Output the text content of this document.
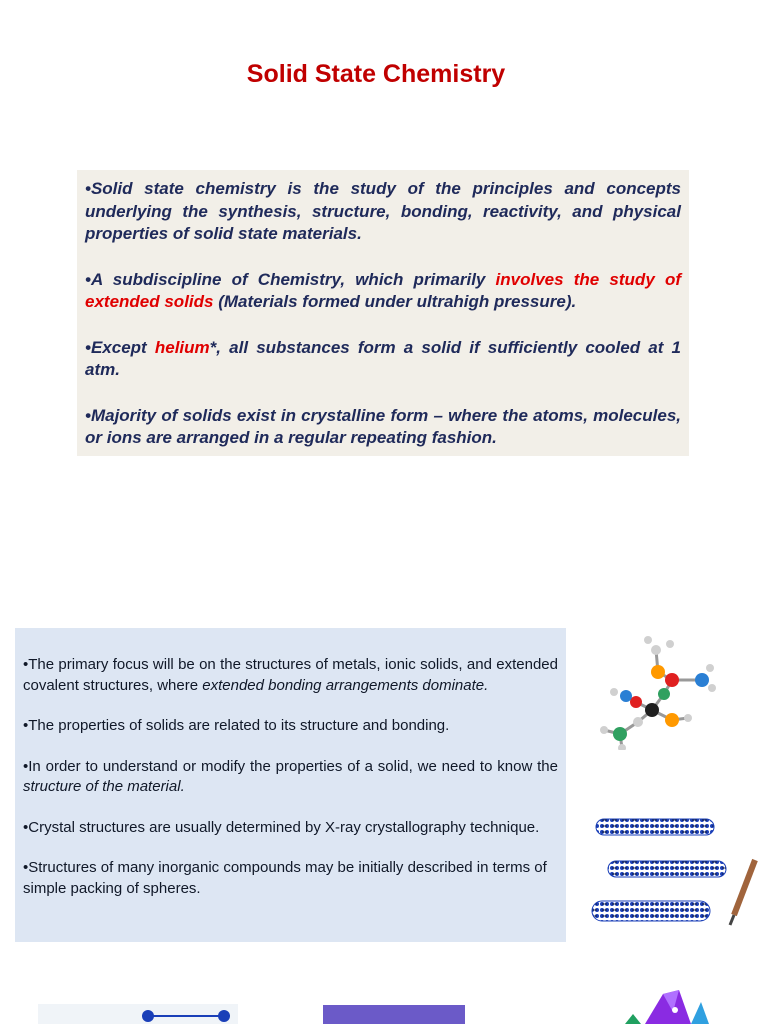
Solid State Chemistry

•Solid state chemistry is the study of the principles and concepts underlying the synthesis, structure, bonding, reactivity, and physical properties of solid state materials.

•A subdiscipline of Chemistry, which primarily involves the study of extended solids (Materials formed under ultrahigh pressure).

•Except helium*, all substances form a solid if sufficiently cooled at 1 atm.

•Majority of solids exist in crystalline form – where the atoms, molecules, or ions are arranged in a regular repeating fashion.

•The primary focus will be on the structures of metals, ionic solids, and extended covalent structures, where extended bonding arrangements dominate.

•The properties of solids are related to its structure and bonding.

•In order to understand or modify the properties of a solid, we need to know the structure of the material.

•Crystal structures are usually determined by X-ray crystallography technique.

•Structures of many inorganic compounds may be initially described in terms of simple packing of spheres.
